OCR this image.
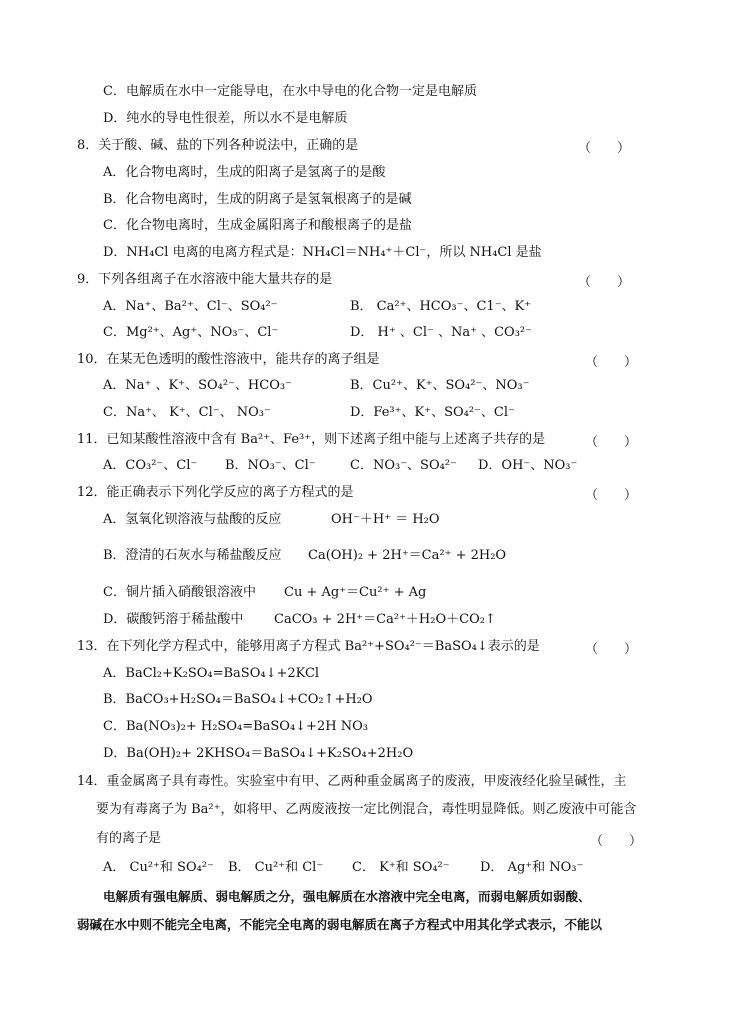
C．电解质在水中一定能导电，在水中导电的化合物一定是电解质
D．纯水的导电性很差，所以水不是电解质
8．关于酸、碱、盐的下列各种说法中，正确的是	（　　）
A．化合物电离时，生成的阳离子是氢离子的是酸
B．化合物电离时，生成的阴离子是氢氧根离子的是碱
C．化合物电离时，生成金属阳离子和酸根离子的是盐
D．NH₄Cl 电离的电离方程式是：NH₄Cl＝NH₄⁺＋Cl⁻，所以 NH₄Cl 是盐
9．下列各组离子在水溶液中能大量共存的是	（　　）
A．Na⁺、Ba²⁺、Cl⁻、SO₄²⁻	B． Ca²⁺、HCO₃⁻、C1⁻、K⁺
C．Mg²⁺、Ag⁺、NO₃⁻、Cl⁻	D． H⁺ 、Cl⁻ 、Na⁺ 、CO₃²⁻
10．在某无色透明的酸性溶液中，能共存的离子组是	（　　）
A．Na⁺ 、K⁺、SO₄²⁻、HCO₃⁻	B．Cu²⁺、K⁺、SO₄²⁻、NO₃⁻
C．Na⁺、 K⁺、Cl⁻、 NO₃⁻	D．Fe³⁺、K⁺、SO₄²⁻、Cl⁻
11．已知某酸性溶液中含有 Ba²⁺、Fe³⁺，则下述离子组中能与上述离子共存的是	（　　）
A．CO₃²⁻、Cl⁻ B．NO₃⁻、Cl⁻	C．NO₃⁻、SO₄²⁻ D．OH⁻、NO₃⁻
12．能正确表示下列化学反应的离子方程式的是	（　　）
A．氢氧化钡溶液与盐酸的反应	OH⁻＋H⁺ ＝ H₂O
B．澄清的石灰水与稀盐酸反应 Ca(OH)₂ + 2H⁺＝Ca²⁺ + 2H₂O
C．铜片插入硝酸银溶液中 Cu + Ag⁺＝Cu²⁺ + Ag
D．碳酸钙溶于稀盐酸中 CaCO₃ + 2H⁺＝Ca²⁺＋H₂O＋CO₂↑
13．在下列化学方程式中，能够用离子方程式 Ba²⁺+SO₄²⁻＝BaSO₄↓表示的是	（　　）
A．BaCl₂+K₂SO₄=BaSO₄↓+2KCl
B．BaCO₃+H₂SO₄＝BaSO₄↓+CO₂↑+H₂O
C．Ba(NO₃)₂+ H₂SO₄=BaSO₄↓+2H NO₃
D．Ba(OH)₂+ 2KHSO₄＝BaSO₄↓+K₂SO₄+2H₂O
14．重金属离子具有毒性。实验室中有甲、乙两种重金属离子的废液，甲废液经化验呈碱性，主
要为有毒离子为 Ba²⁺，如将甲、乙两废液按一定比例混合，毒性明显降低。则乙废液中可能含
有的离子是	（　　）
A． Cu²⁺和 SO₄²⁻ B． Cu²⁺和 Cl⁻ C． K⁺和 SO₄²⁻ D． Ag⁺和 NO₃⁻
电解质有强电解质、弱电解质之分，强电解质在水溶液中完全电离，而弱电解质如弱酸、
弱碱在水中则不能完全电离，不能完全电离的弱电解质在离子方程式中用其化学式表示，不能以
